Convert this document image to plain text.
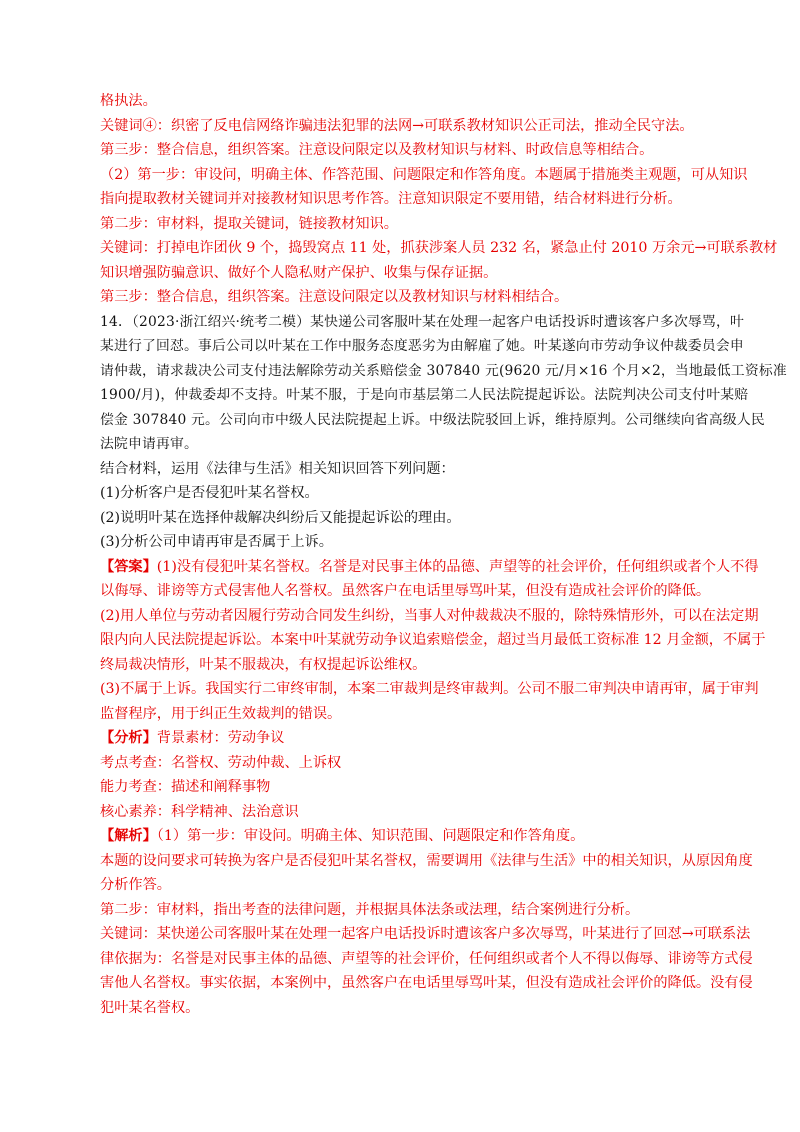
格执法。
关键词④：织密了反电信网络诈骗违法犯罪的法网→可联系教材知识公正司法，推动全民守法。
第三步：整合信息，组织答案。注意设问限定以及教材知识与材料、时政信息等相结合。
（2）第一步：审设问，明确主体、作答范围、问题限定和作答角度。本题属于措施类主观题，可从知识
指向提取教材关键词并对接教材知识思考作答。注意知识限定不要用错，结合材料进行分析。
第二步：审材料，提取关键词，链接教材知识。
关键词：打掉电诈团伙 9 个，捣毁窝点 11 处，抓获涉案人员 232 名，紧急止付 2010 万余元→可联系教材
知识增强防骗意识、做好个人隐私财产保护、收集与保存证据。
第三步：整合信息，组织答案。注意设问限定以及教材知识与材料相结合。
14．（2023·浙江绍兴·统考二模）某快递公司客服叶某在处理一起客户电话投诉时遭该客户多次辱骂，叶
某进行了回怼。事后公司以叶某在工作中服务态度恶劣为由解雇了她。叶某遂向市劳动争议仲裁委员会申
请仲裁，请求裁决公司支付违法解除劳动关系赔偿金 307840 元(9620 元/月×16 个月×2，当地最低工资标准
1900/月)，仲裁委却不支持。叶某不服，于是向市基层第二人民法院提起诉讼。法院判决公司支付叶某赔
偿金 307840 元。公司向市中级人民法院提起上诉。中级法院驳回上诉，维持原判。公司继续向省高级人民
法院申请再审。
结合材料，运用《法律与生活》相关知识回答下列问题：
(1)分析客户是否侵犯叶某名誉权。
(2)说明叶某在选择仲裁解决纠纷后又能提起诉讼的理由。
(3)分析公司申请再审是否属于上诉。
【答案】(1)没有侵犯叶某名誉权。名誉是对民事主体的品德、声望等的社会评价，任何组织或者个人不得
以侮辱、诽谤等方式侵害他人名誉权。虽然客户在电话里辱骂叶某，但没有造成社会评价的降低。
(2)用人单位与劳动者因履行劳动合同发生纠纷，当事人对仲裁裁决不服的，除特殊情形外，可以在法定期
限内向人民法院提起诉讼。本案中叶某就劳动争议追索赔偿金，超过当月最低工资标准 12 月金额，不属于
终局裁决情形，叶某不服裁决，有权提起诉讼维权。
(3)不属于上诉。我国实行二审终审制，本案二审裁判是终审裁判。公司不服二审判决申请再审，属于审判
监督程序，用于纠正生效裁判的错误。
【分析】背景素材：劳动争议
考点考查：名誉权、劳动仲裁、上诉权
能力考查：描述和阐释事物
核心素养：科学精神、法治意识
【解析】（1）第一步：审设问。明确主体、知识范围、问题限定和作答角度。
本题的设问要求可转换为客户是否侵犯叶某名誉权，需要调用《法律与生活》中的相关知识，从原因角度
分析作答。
第二步：审材料，指出考查的法律问题，并根据具体法条或法理，结合案例进行分析。
关键词：某快递公司客服叶某在处理一起客户电话投诉时遭该客户多次辱骂，叶某进行了回怼→可联系法
律依据为：名誉是对民事主体的品德、声望等的社会评价，任何组织或者个人不得以侮辱、诽谤等方式侵
害他人名誉权。事实依据，本案例中，虽然客户在电话里辱骂叶某，但没有造成社会评价的降低。没有侵
犯叶某名誉权。
